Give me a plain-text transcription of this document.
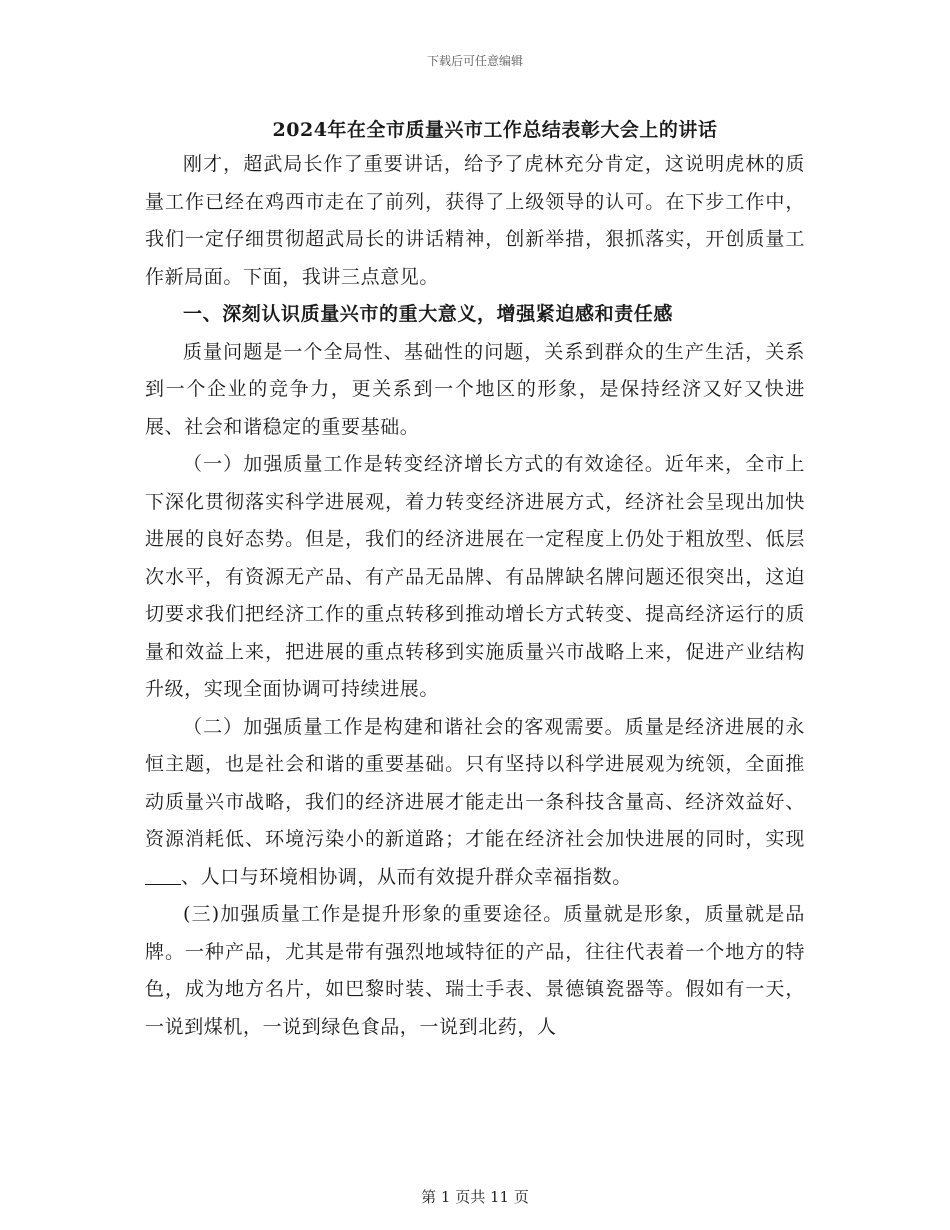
下载后可任意编辑
2024年在全市质量兴市工作总结表彰大会上的讲话

刚才，超武局长作了重要讲话，给予了虎林充分肯定，这说明虎林的质量工作已经在鸡西市走在了前列，获得了上级领导的认可。在下步工作中，我们一定仔细贯彻超武局长的讲话精神，创新举措，狠抓落实，开创质量工作新局面。下面，我讲三点意见。

一、深刻认识质量兴市的重大意义，增强紧迫感和责任感

质量问题是一个全局性、基础性的问题，关系到群众的生产生活，关系到一个企业的竞争力，更关系到一个地区的形象，是保持经济又好又快进展、社会和谐稳定的重要基础。

（一）加强质量工作是转变经济增长方式的有效途径。近年来，全市上下深化贯彻落实科学进展观，着力转变经济进展方式，经济社会呈现出加快进展的良好态势。但是，我们的经济进展在一定程度上仍处于粗放型、低层次水平，有资源无产品、有产品无品牌、有品牌缺名牌问题还很突出，这迫切要求我们把经济工作的重点转移到推动增长方式转变、提高经济运行的质量和效益上来，把进展的重点转移到实施质量兴市战略上来，促进产业结构升级，实现全面协调可持续进展。

（二）加强质量工作是构建和谐社会的客观需要。质量是经济进展的永恒主题，也是社会和谐的重要基础。只有坚持以科学进展观为统领，全面推动质量兴市战略，我们的经济进展才能走出一条科技含量高、经济效益好、资源消耗低、环境污染小的新道路；才能在经济社会加快进展的同时，实现、人口与环境相协调，从而有效提升群众幸福指数。

(三)加强质量工作是提升形象的重要途径。质量就是形象，质量就是品牌。一种产品，尤其是带有强烈地域特征的产品，往往代表着一个地方的特色，成为地方名片，如巴黎时装、瑞士手表、景德镇瓷器等。假如有一天，一说到煤机，一说到绿色食品，一说到北药，人

第 1 页共 11 页
